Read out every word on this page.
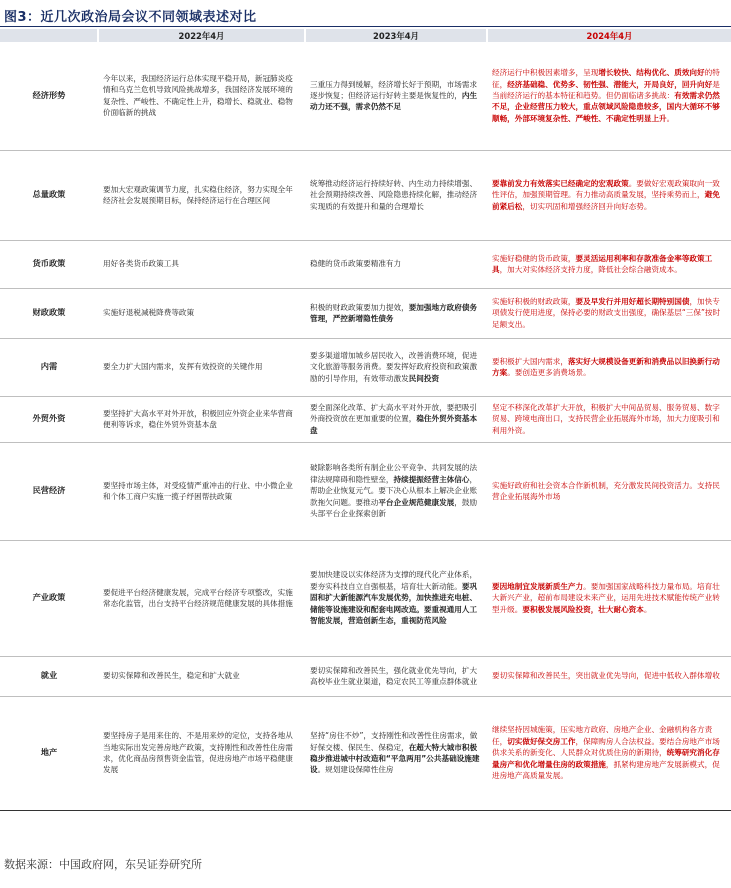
图3：近几次政治局会议不同领域表述对比
	2022年4月	2023年4月	2024年4月
经济形势	今年以来，我国经济运行总体实现平稳开局，新冠肺炎疫情和乌克兰危机导致风险挑战增多，我国经济发展环境的复杂性、严峻性、不确定性上升，稳增长、稳就业、稳物价面临新的挑战	三重压力得到缓解，经济增长好于预期，市场需求逐步恢复；但经济运行好转主要是恢复性的，内生动力还不强，需求仍然不足	经济运行中积极因素增多，呈现增长较快、结构优化、质效向好的特征，经济基础稳、优势多、韧性强、潜能大，开局良好，回升向好是当前经济运行的基本特征和趋势。但仍面临诸多挑战：有效需求仍然不足，企业经营压力较大，重点领域风险隐患较多，国内大循环不够顺畅，外部环境复杂性、严峻性、不确定性明显上升。
总量政策	要加大宏观政策调节力度，扎实稳住经济，努力实现全年经济社会发展预期目标，保持经济运行在合理区间	统筹推动经济运行持续好转、内生动力持续增强、社会预期持续改善、风险隐患持续化解，推动经济实现质的有效提升和量的合理增长	要靠前发力有效落实已经确定的宏观政策。要做好宏观政策取向一致性评估，加强预期管理。有力推动高质量发展，坚持乘势而上，避免前紧后松，切实巩固和增强经济回升向好态势。
货币政策	用好各类货币政策工具	稳健的货币政策要精准有力	实施好稳健的货币政策，要灵活运用利率和存款准备金率等政策工具，加大对实体经济支持力度，降低社会综合融资成本。
财政政策	实施好退税减税降费等政策	积极的财政政策要加力提效，要加强地方政府债务管理，严控新增隐性债务	实施好积极的财政政策，要及早发行并用好超长期特别国债，加快专项债发行使用进度，保持必要的财政支出强度，确保基层“三保”按时足额支出。
内需	要全力扩大国内需求，发挥有效投资的关键作用	要多渠道增加城乡居民收入，改善消费环境，促进文化旅游等服务消费。要发挥好政府投资和政策激励的引导作用，有效带动激发民间投资	要积极扩大国内需求，落实好大规模设备更新和消费品以旧换新行动方案。要创造更多消费场景。
外贸外资	要坚持扩大高水平对外开放，积极回应外资企业来华营商便利等诉求，稳住外贸外资基本盘	要全面深化改革、扩大高水平对外开放，要把吸引外商投资放在更加重要的位置，稳住外贸外资基本盘	坚定不移深化改革扩大开放，积极扩大中间品贸易、服务贸易、数字贸易、跨境电商出口，支持民营企业拓展海外市场，加大力度吸引和利用外资。
民营经济	要坚持市场主体，对受疫情严重冲击的行业、中小微企业和个体工商户实施一揽子纾困帮扶政策	破除影响各类所有制企业公平竞争、共同发展的法律法规障碍和隐性壁垒，持续提振经营主体信心，帮助企业恢复元气。要下决心从根本上解决企业账款拖欠问题。要推动平台企业规范健康发展，鼓励头部平台企业探索创新	实施好政府和社会资本合作新机制，充分激发民间投资活力。支持民营企业拓展海外市场
产业政策	要促进平台经济健康发展，完成平台经济专项整改，实施常态化监管，出台支持平台经济规范健康发展的具体措施	要加快建设以实体经济为支撑的现代化产业体系，要夯实科技自立自强根基，培育壮大新动能。要巩固和扩大新能源汽车发展优势，加快推进充电桩、储能等设施建设和配套电网改造。要重视通用人工智能发展，营造创新生态，重视防范风险	要因地制宜发展新质生产力。要加强国家战略科技力量布局。培育壮大新兴产业，超前布局建设未来产业，运用先进技术赋能传统产业转型升级。要积极发展风险投资，壮大耐心资本。
就业	要切实保障和改善民生，稳定和扩大就业	要切实保障和改善民生，强化就业优先导向，扩大高校毕业生就业渠道，稳定农民工等重点群体就业	要切实保障和改善民生，突出就业优先导向，促进中低收入群体增收
地产	要坚持房子是用来住的、不是用来炒的定位，支持各地从当地实际出发完善房地产政策，支持刚性和改善性住房需求，优化商品房预售资金监管，促进房地产市场平稳健康发展	坚持“房住不炒”，支持刚性和改善性住房需求，做好保交楼、保民生、保稳定，在超大特大城市积极稳步推进城中村改造和“平急两用”公共基础设施建设。规划建设保障性住房	继续坚持因城施策，压实地方政府、房地产企业、金融机构各方责任，切实做好保交房工作，保障购房人合法权益。要结合房地产市场供求关系的新变化、人民群众对优质住房的新期待，统筹研究消化存量房产和优化增量住房的政策措施，抓紧构建房地产发展新模式，促进房地产高质量发展。
数据来源：中国政府网，东吴证券研究所
